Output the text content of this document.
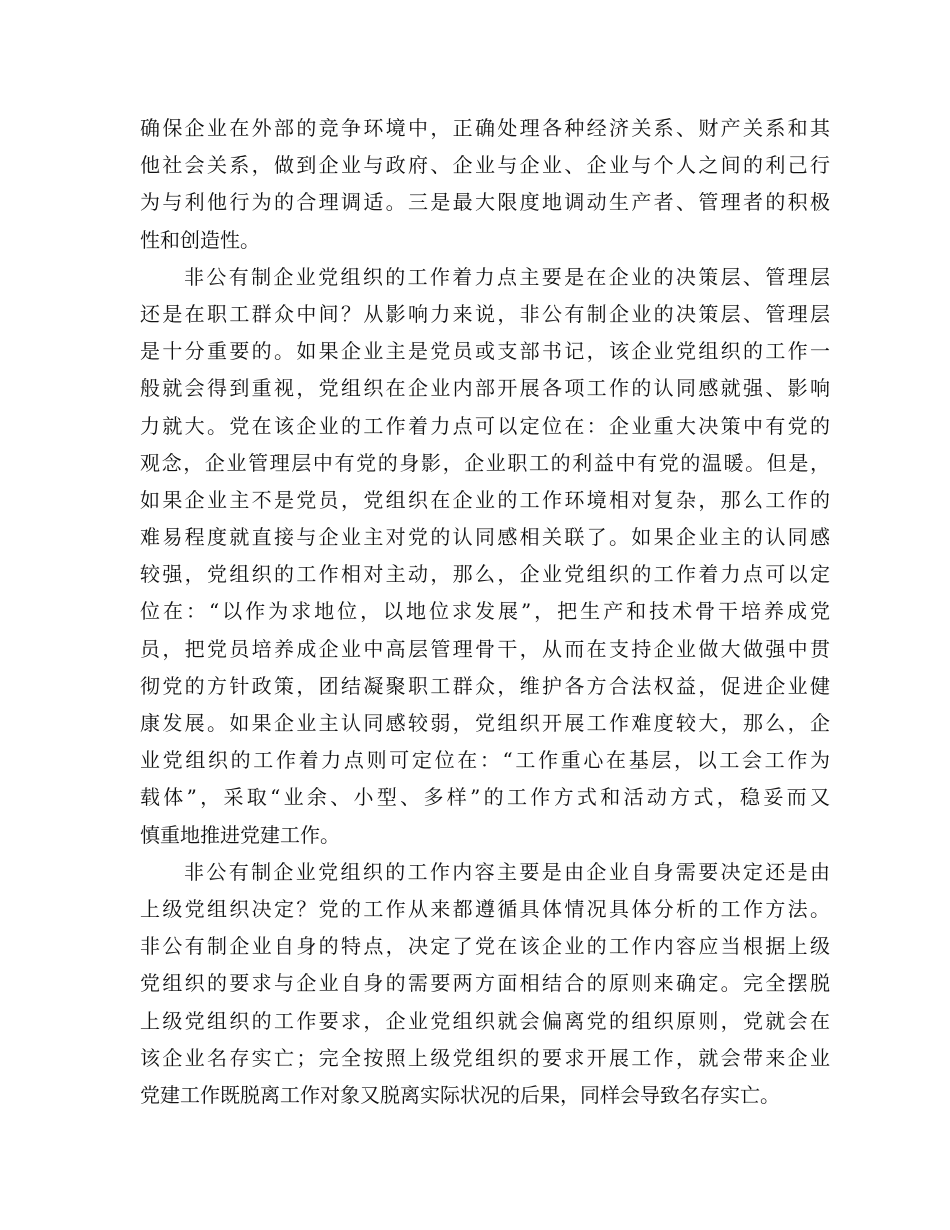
确保企业在外部的竞争环境中，正确处理各种经济关系、财产关系和其
他社会关系，做到企业与政府、企业与企业、企业与个人之间的利己行
为与利他行为的合理调适。三是最大限度地调动生产者、管理者的积极
性和创造性。
非公有制企业党组织的工作着力点主要是在企业的决策层、管理层
还是在职工群众中间？从影响力来说，非公有制企业的决策层、管理层
是十分重要的。如果企业主是党员或支部书记，该企业党组织的工作一
般就会得到重视，党组织在企业内部开展各项工作的认同感就强、影响
力就大。党在该企业的工作着力点可以定位在：企业重大决策中有党的
观念，企业管理层中有党的身影，企业职工的利益中有党的温暖。但是，
如果企业主不是党员，党组织在企业的工作环境相对复杂，那么工作的
难易程度就直接与企业主对党的认同感相关联了。如果企业主的认同感
较强，党组织的工作相对主动，那么，企业党组织的工作着力点可以定
位在：“以作为求地位，以地位求发展”，把生产和技术骨干培养成党
员，把党员培养成企业中高层管理骨干，从而在支持企业做大做强中贯
彻党的方针政策，团结凝聚职工群众，维护各方合法权益，促进企业健
康发展。如果企业主认同感较弱，党组织开展工作难度较大，那么，企
业党组织的工作着力点则可定位在：“工作重心在基层，以工会工作为
载体”，采取“业余、小型、多样”的工作方式和活动方式，稳妥而又
慎重地推进党建工作。
非公有制企业党组织的工作内容主要是由企业自身需要决定还是由
上级党组织决定？党的工作从来都遵循具体情况具体分析的工作方法。
非公有制企业自身的特点，决定了党在该企业的工作内容应当根据上级
党组织的要求与企业自身的需要两方面相结合的原则来确定。完全摆脱
上级党组织的工作要求，企业党组织就会偏离党的组织原则，党就会在
该企业名存实亡；完全按照上级党组织的要求开展工作，就会带来企业
党建工作既脱离工作对象又脱离实际状况的后果，同样会导致名存实亡。
